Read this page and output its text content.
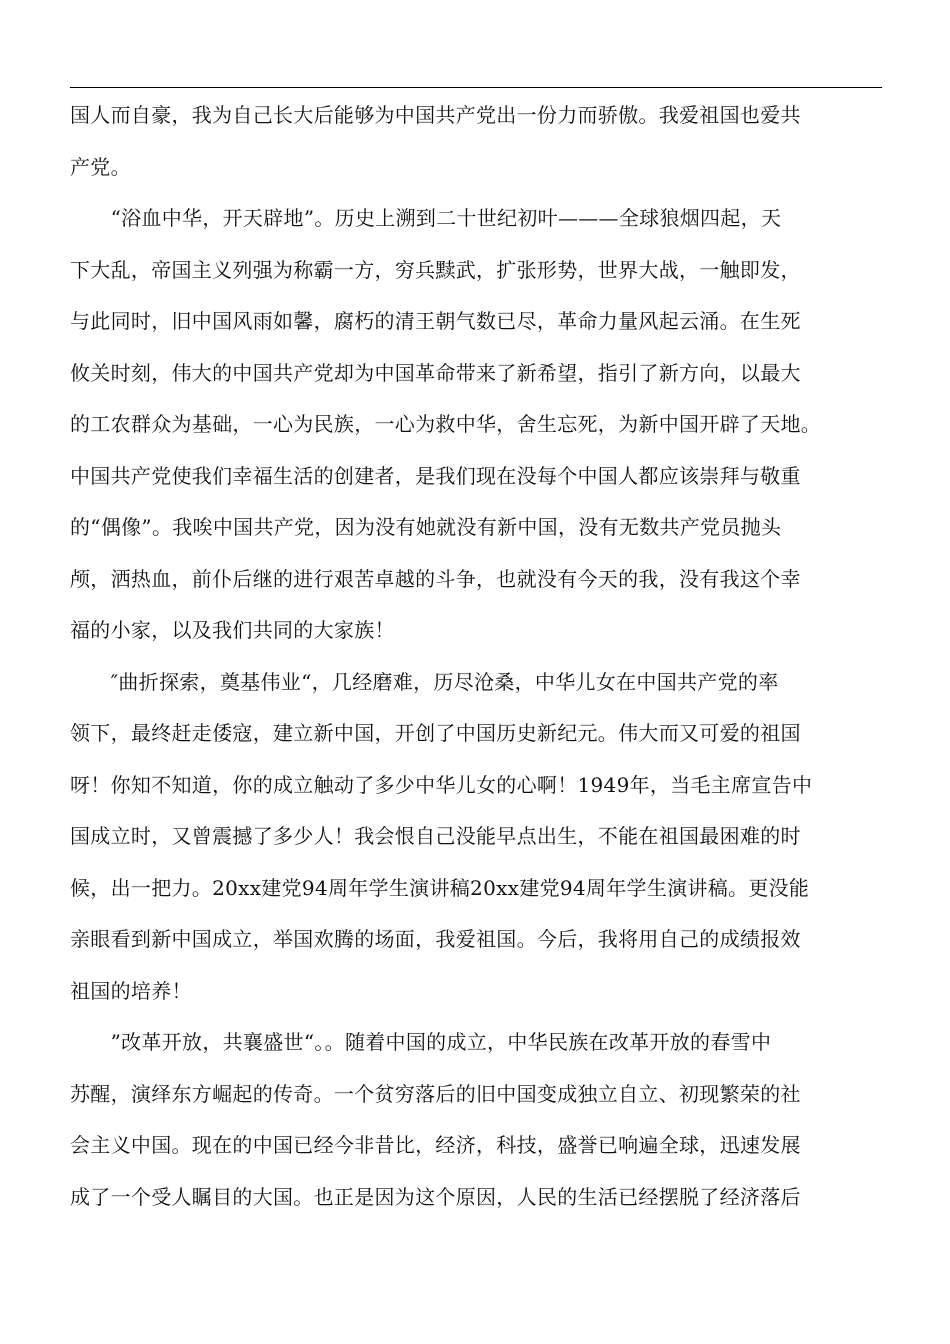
国人而自豪，我为自己长大后能够为中国共产党出一份力而骄傲。我爱祖国也爱共
产党。
　　“浴血中华，开天辟地”。历史上溯到二十世纪初叶———全球狼烟四起，天
下大乱，帝国主义列强为称霸一方，穷兵黩武，扩张形势，世界大战，一触即发，
与此同时，旧中国风雨如馨，腐朽的清王朝气数已尽，革命力量风起云涌。在生死
攸关时刻，伟大的中国共产党却为中国革命带来了新希望，指引了新方向，以最大
的工农群众为基础，一心为民族，一心为救中华，舍生忘死，为新中国开辟了天地。
中国共产党使我们幸福生活的创建者，是我们现在没每个中国人都应该崇拜与敬重
的“偶像”。我唉中国共产党，因为没有她就没有新中国，没有无数共产党员抛头
颅，洒热血，前仆后继的进行艰苦卓越的斗争，也就没有今天的我，没有我这个幸
福的小家，以及我们共同的大家族！
　　″曲折探索，奠基伟业“，几经磨难，历尽沧桑，中华儿女在中国共产党的率
领下，最终赶走倭寇，建立新中国，开创了中国历史新纪元。伟大而又可爱的祖国
呀！你知不知道，你的成立触动了多少中华儿女的心啊！1949年，当毛主席宣告中
国成立时，又曾震撼了多少人！我会恨自己没能早点出生，不能在祖国最困难的时
候，出一把力。20xx建党94周年学生演讲稿20xx建党94周年学生演讲稿。更没能
亲眼看到新中国成立，举国欢腾的场面，我爱祖国。今后，我将用自己的成绩报效
祖国的培养！
　　”改革开放，共襄盛世“。。随着中国的成立，中华民族在改革开放的春雪中
苏醒，演绎东方崛起的传奇。一个贫穷落后的旧中国变成独立自立、初现繁荣的社
会主义中国。现在的中国已经今非昔比，经济，科技，盛誉已响遍全球，迅速发展
成了一个受人瞩目的大国。也正是因为这个原因，人民的生活已经摆脱了经济落后
